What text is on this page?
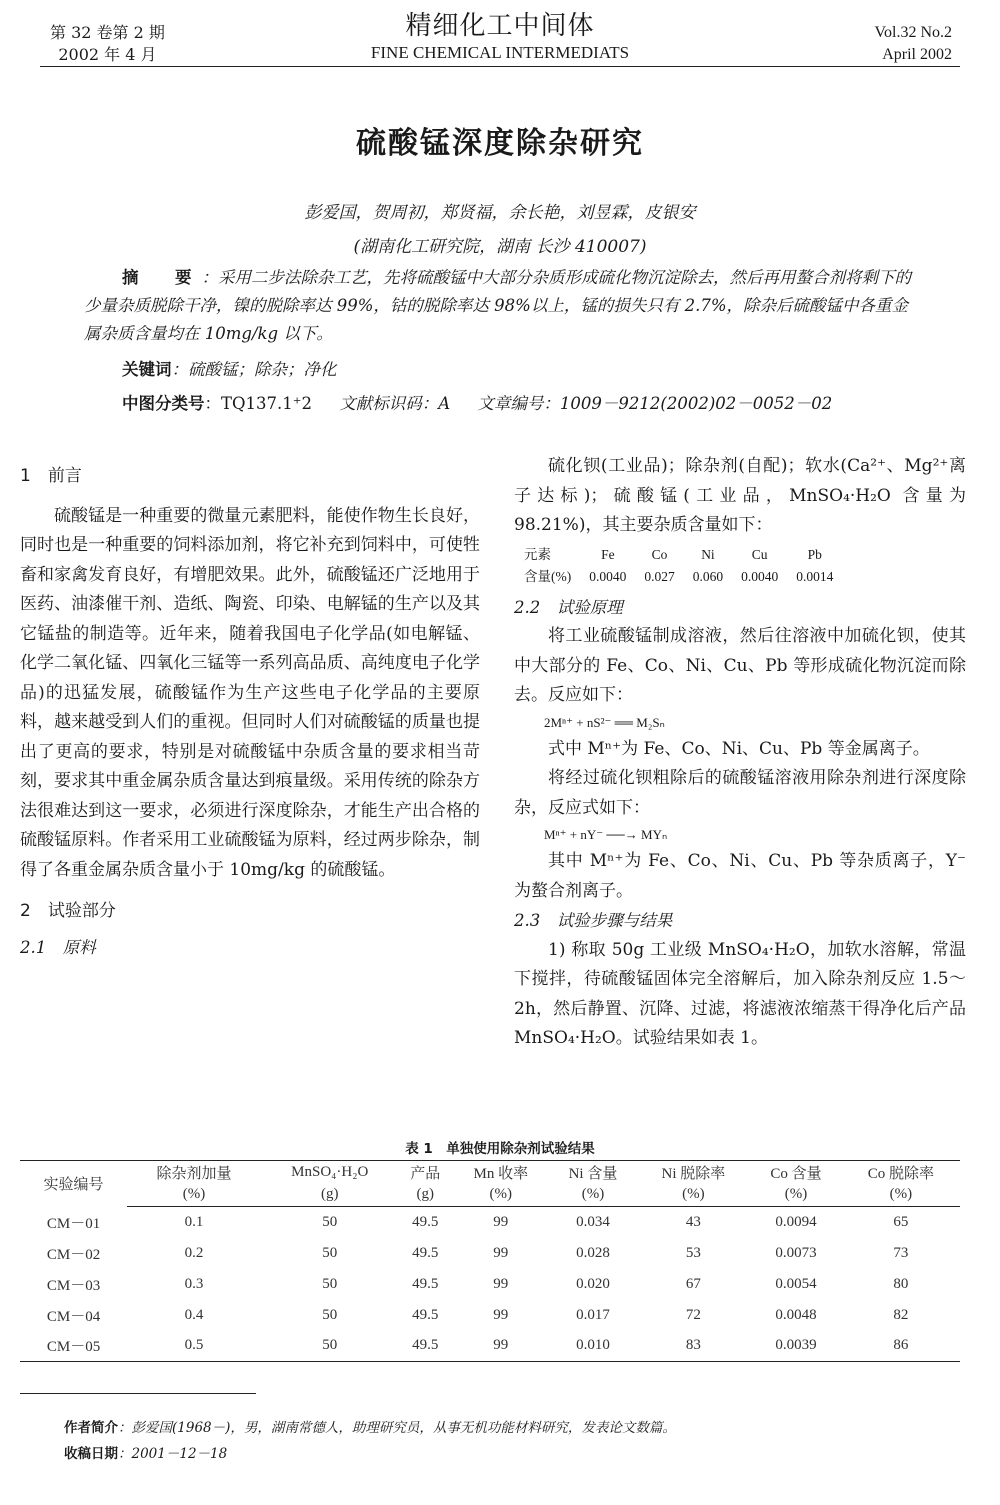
第 32 卷第 2 期
2002 年 4 月
精细化工中间体
FINE CHEMICAL INTERMEDIATS
Vol.32 No.2
April 2002
硫酸锰深度除杂研究
彭爱国，贺周初，郑贤福，余长艳，刘昱霖，皮银安
(湖南化工研究院，湖南 长沙 410007)
摘　要：采用二步法除杂工艺，先将硫酸锰中大部分杂质形成硫化物沉淀除去，然后再用螯合剂将剩下的少量杂质脱除干净，镍的脱除率达 99%，钴的脱除率达 98%以上，锰的损失只有 2.7%，除杂后硫酸锰中各重金属杂质含量均在 10mg/kg 以下。
关键词：硫酸锰；除杂；净化
中图分类号：TQ137.1⁺2 文献标识码：A 文章编号：1009－9212(2002)02－0052－02
1　前言
硫酸锰是一种重要的微量元素肥料，能使作物生长良好，同时也是一种重要的饲料添加剂，将它补充到饲料中，可使牲畜和家禽发育良好，有增肥效果。此外，硫酸锰还广泛地用于医药、油漆催干剂、造纸、陶瓷、印染、电解锰的生产以及其它锰盐的制造等。近年来，随着我国电子化学品(如电解锰、化学二氧化锰、四氧化三锰等一系列高品质、高纯度电子化学品)的迅猛发展，硫酸锰作为生产这些电子化学品的主要原料，越来越受到人们的重视。但同时人们对硫酸锰的质量也提出了更高的要求，特别是对硫酸锰中杂质含量的要求相当苛刻，要求其中重金属杂质含量达到痕量级。采用传统的除杂方法很难达到这一要求，必须进行深度除杂，才能生产出合格的硫酸锰原料。作者采用工业硫酸锰为原料，经过两步除杂，制得了各重金属杂质含量小于 10mg/kg 的硫酸锰。
2　试验部分
2.1　原料
硫化钡(工业品)；除杂剂(自配)；软水(Ca²⁺、Mg²⁺离子达标)；硫酸锰(工业品，MnSO₄·H₂O 含量为 98.21%)，其主要杂质含量如下：
元素	Fe	Co	Ni	Cu	Pb
含量(%)	0.0040	0.027	0.060	0.0040	0.0014
2.2　试验原理
将工业硫酸锰制成溶液，然后往溶液中加硫化钡，使其中大部分的 Fe、Co、Ni、Cu、Pb 等形成硫化物沉淀而除去。反应如下：
2Mⁿ⁺ + nS²⁻ ══ M₂Sₙ
式中 Mⁿ⁺为 Fe、Co、Ni、Cu、Pb 等金属离子。
将经过硫化钡粗除后的硫酸锰溶液用除杂剂进行深度除杂，反应式如下：
Mⁿ⁺ + nY⁻ ──→ MYₙ
其中 Mⁿ⁺为 Fe、Co、Ni、Cu、Pb 等杂质离子，Y⁻为螯合剂离子。
2.3　试验步骤与结果
1) 称取 50g 工业级 MnSO₄·H₂O，加软水溶解，常温下搅拌，待硫酸锰固体完全溶解后，加入除杂剂反应 1.5～2h，然后静置、沉降、过滤，将滤液浓缩蒸干得净化后产品 MnSO₄·H₂O。试验结果如表 1。
表 1　单独使用除杂剂试验结果
实验编号	除杂剂加量	MnSO₄·H₂O	产品	Mn 收率	Ni 含量	Ni 脱除率	Co 含量	Co 脱除率
	(%)	(g)	(g)	(%)	(%)	(%)	(%)	(%)
CM－01	0.1	50	49.5	99	0.034	43	0.0094	65
CM－02	0.2	50	49.5	99	0.028	53	0.0073	73
CM－03	0.3	50	49.5	99	0.020	67	0.0054	80
CM－04	0.4	50	49.5	99	0.017	72	0.0048	82
CM－05	0.5	50	49.5	99	0.010	83	0.0039	86
作者简介：彭爱国(1968－)，男，湖南常德人，助理研究员，从事无机功能材料研究，发表论文数篇。
收稿日期：2001－12－18
